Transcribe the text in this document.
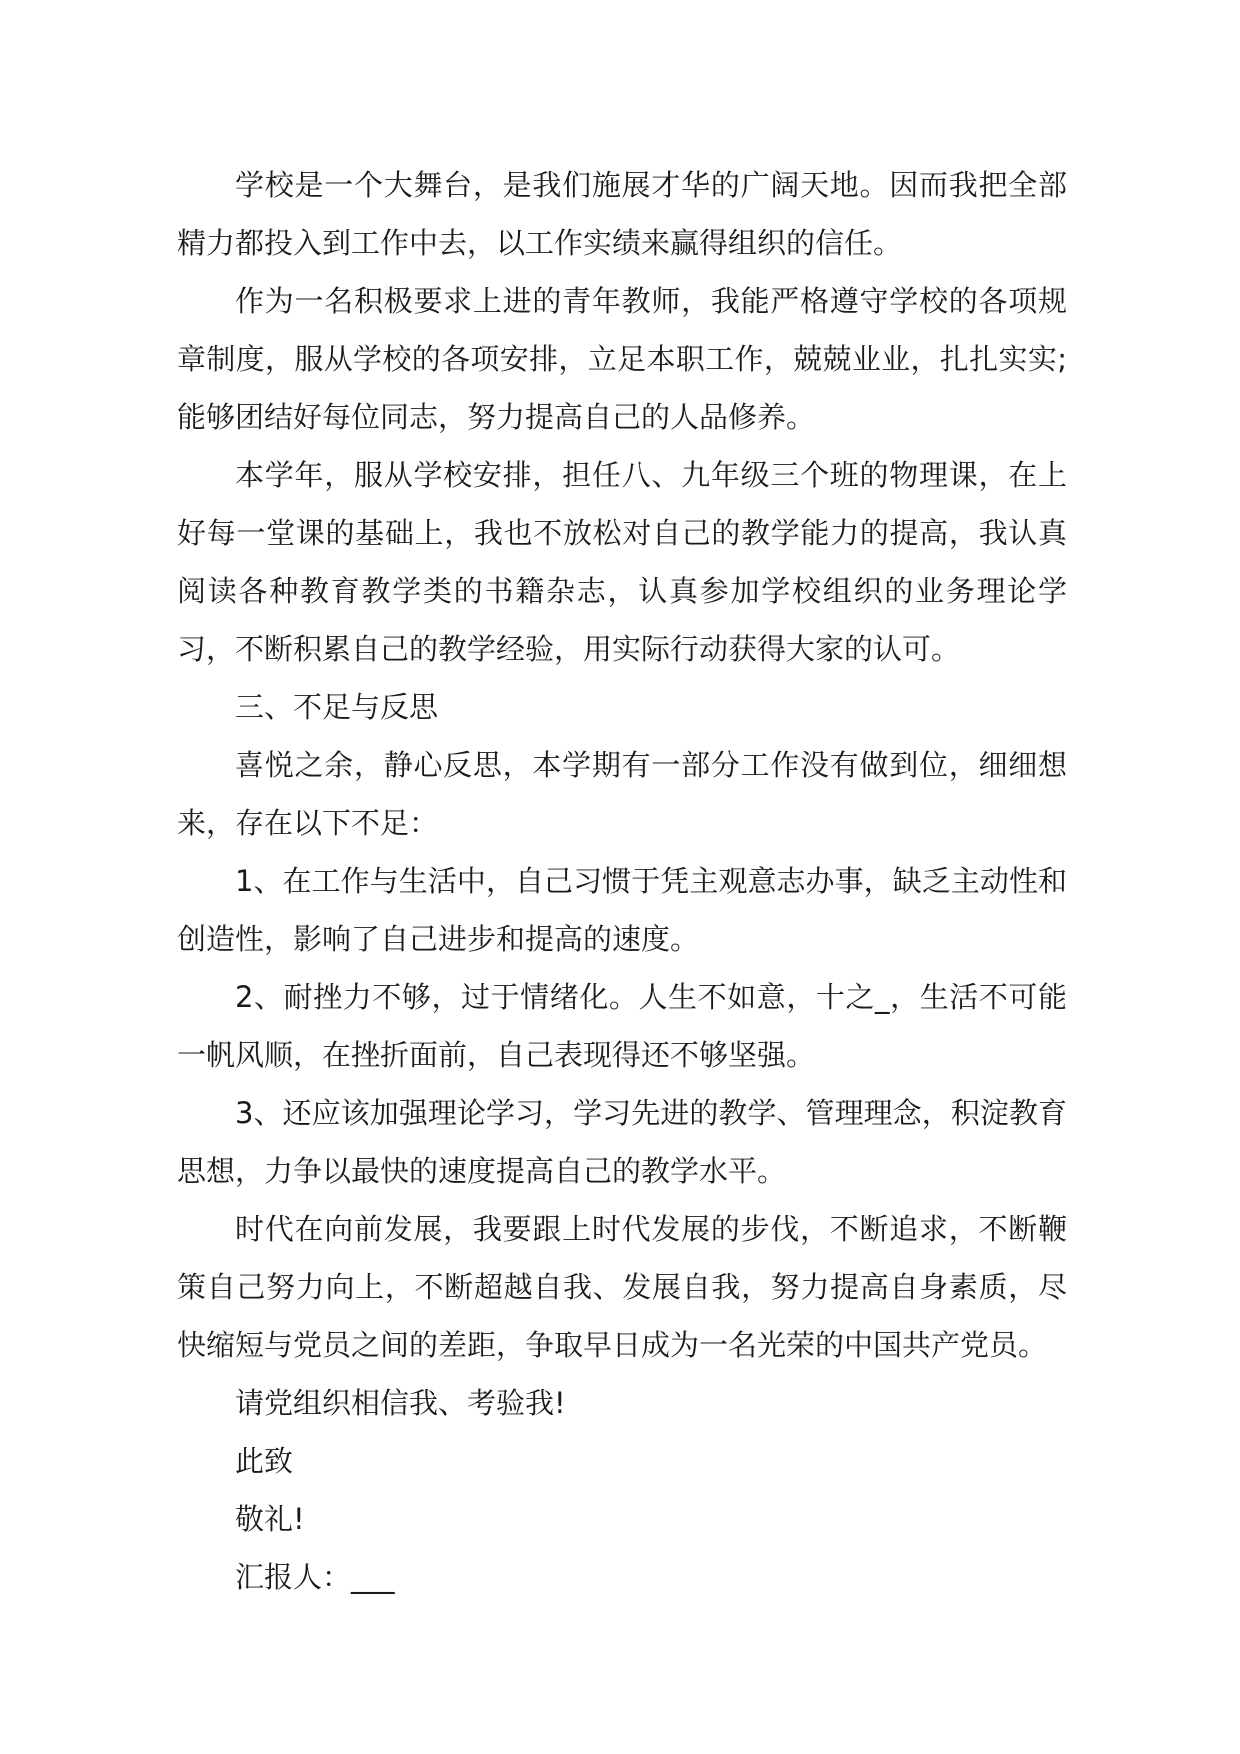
学校是一个大舞台，是我们施展才华的广阔天地。因而我把全部精力都投入到工作中去，以工作实绩来赢得组织的信任。

作为一名积极要求上进的青年教师，我能严格遵守学校的各项规章制度，服从学校的各项安排，立足本职工作，兢兢业业，扎扎实实;能够团结好每位同志，努力提高自己的人品修养。

本学年，服从学校安排，担任八、九年级三个班的物理课，在上好每一堂课的基础上，我也不放松对自己的教学能力的提高，我认真阅读各种教育教学类的书籍杂志，认真参加学校组织的业务理论学习，不断积累自己的教学经验，用实际行动获得大家的认可。

三、不足与反思

喜悦之余，静心反思，本学期有一部分工作没有做到位，细细想来，存在以下不足：

1、在工作与生活中，自己习惯于凭主观意志办事，缺乏主动性和创造性，影响了自己进步和提高的速度。

2、耐挫力不够，过于情绪化。人生不如意，十之_，生活不可能一帆风顺，在挫折面前，自己表现得还不够坚强。

3、还应该加强理论学习，学习先进的教学、管理理念，积淀教育思想，力争以最快的速度提高自己的教学水平。

时代在向前发展，我要跟上时代发展的步伐，不断追求，不断鞭策自己努力向上，不断超越自我、发展自我，努力提高自身素质，尽快缩短与党员之间的差距，争取早日成为一名光荣的中国共产党员。

请党组织相信我、考验我!

此致

敬礼!

汇报人：___
